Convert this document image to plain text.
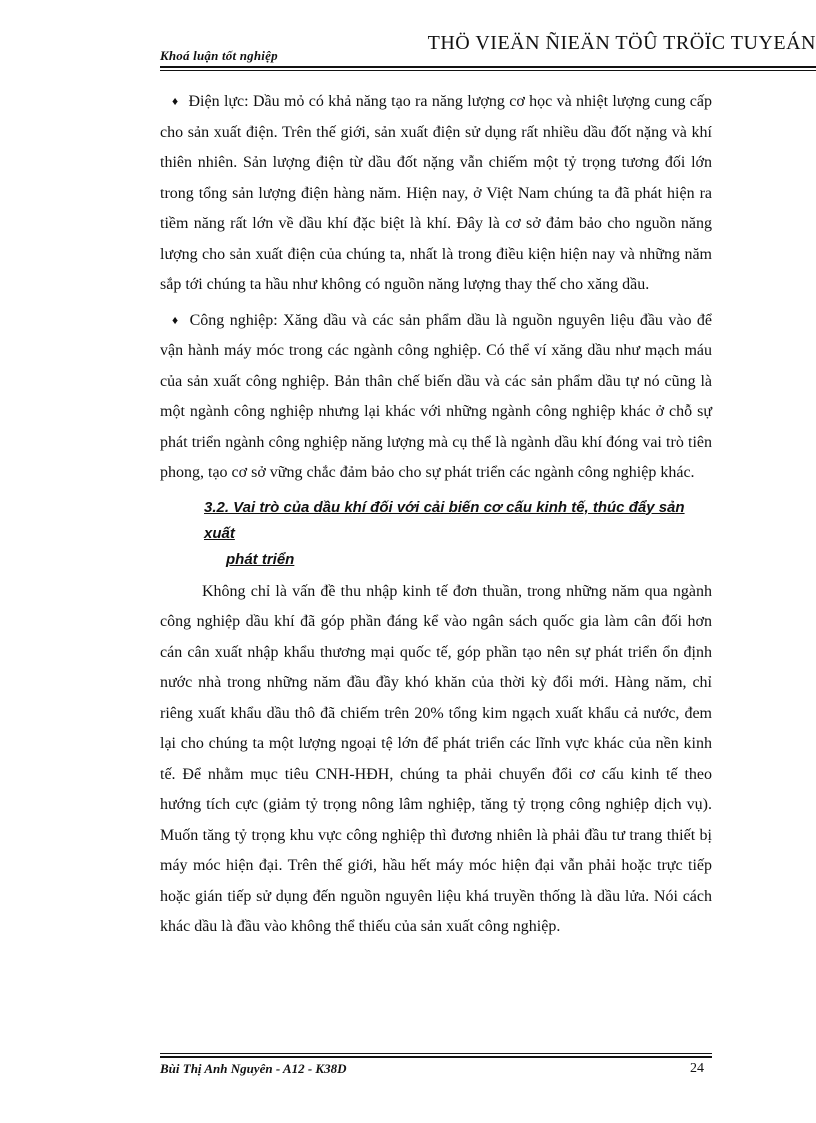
Khoá luận tốt nghiệp
THÖ VIEÄN ÑIEÄN TÖÛ TRÖÏC TUYEÁN

♦ Điện lực: Dầu mỏ có khả năng tạo ra năng lượng cơ học và nhiệt lượng cung cấp cho sản xuất điện. Trên thế giới, sản xuất điện sử dụng rất nhiều dầu đốt nặng và khí thiên nhiên. Sản lượng điện từ dầu đốt nặng vẫn chiếm một tỷ trọng tương đối lớn trong tổng sản lượng điện hàng năm. Hiện nay, ở Việt Nam chúng ta đã phát hiện ra tiềm năng rất lớn về dầu khí đặc biệt là khí. Đây là cơ sở đảm bảo cho nguồn năng lượng cho sản xuất điện của chúng ta, nhất là trong điều kiện hiện nay và những năm sắp tới chúng ta hầu như không có nguồn năng lượng thay thế cho xăng dầu.

♦ Công nghiệp: Xăng dầu và các sản phẩm dầu là nguồn nguyên liệu đầu vào để vận hành máy móc trong các ngành công nghiệp. Có thể ví xăng dầu như mạch máu của sản xuất công nghiệp. Bản thân chế biến dầu và các sản phẩm dầu tự nó cũng là một ngành công nghiệp nhưng lại khác với những ngành công nghiệp khác ở chỗ sự phát triển ngành công nghiệp năng lượng mà cụ thể là ngành dầu khí đóng vai trò tiên phong, tạo cơ sở vững chắc đảm bảo cho sự phát triển các ngành công nghiệp khác.

3.2. Vai trò của dầu khí đối với cải biến cơ cấu kinh tế, thúc đẩy sản xuất
phát triển

Không chỉ là vấn đề thu nhập kinh tế đơn thuần, trong những năm qua ngành công nghiệp dầu khí đã góp phần đáng kể vào ngân sách quốc gia làm cân đối hơn cán cân xuất nhập khẩu thương mại quốc tế, góp phần tạo nên sự phát triển ổn định nước nhà trong những năm đầu đầy khó khăn của thời kỳ đổi mới. Hàng năm, chỉ riêng xuất khẩu dầu thô đã chiếm trên 20% tổng kim ngạch xuất khẩu cả nước, đem lại cho chúng ta một lượng ngoại tệ lớn để phát triển các lĩnh vực khác của nền kinh tế. Để nhằm mục tiêu CNH-HĐH, chúng ta phải chuyển đổi cơ cấu kinh tế theo hướng tích cực (giảm tỷ trọng nông lâm nghiệp, tăng tỷ trọng công nghiệp dịch vụ). Muốn tăng tỷ trọng khu vực công nghiệp thì đương nhiên là phải đầu tư trang thiết bị máy móc hiện đại. Trên thế giới, hầu hết máy móc hiện đại vẫn phải hoặc trực tiếp hoặc gián tiếp sử dụng đến nguồn nguyên liệu khá truyền thống là dầu lửa. Nói cách khác dầu là đầu vào không thể thiếu của sản xuất công nghiệp.

Bùi Thị Anh Nguyên - A12 - K38D	24
